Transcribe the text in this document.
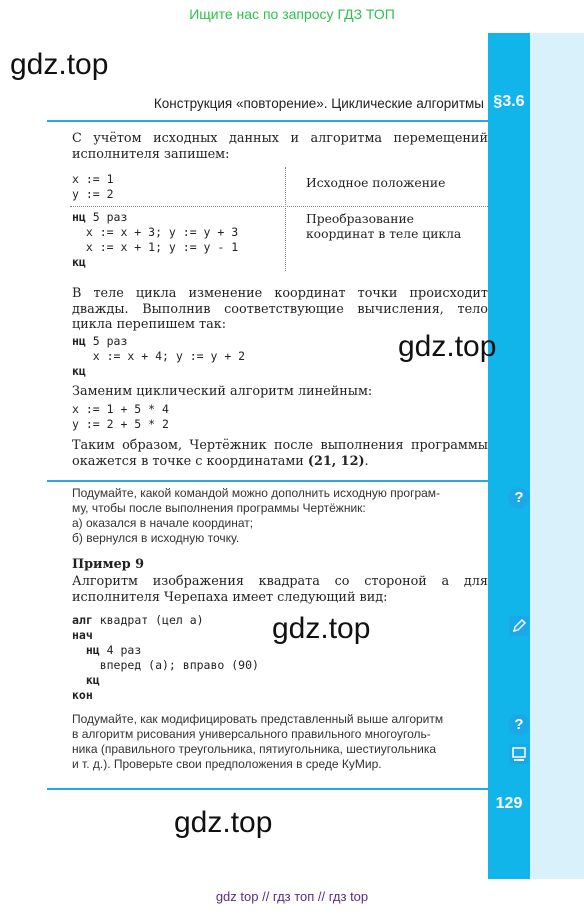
Ищите нас по запросу ГДЗ ТОП
§3.6
129
gdz.top
Конструкция «повторение». Циклические алгоритмы
С учётом исходных данных и алгоритма перемещений исполнителя запишем:
x := 1
y := 2
Исходное положение
нц 5 раз
x := x + 3; y := y + 3
x := x + 1; y := y - 1
кц
Преобразование координат в теле цикла
В теле цикла изменение координат точки происходит дважды. Выполнив соответствующие вычисления, тело цикла перепишем так:
нц 5 раз
x := x + 4; y := y + 2
кц
gdz.top
Заменим циклический алгоритм линейным:
x := 1 + 5 * 4
y := 2 + 5 * 2
Таким образом, Чертёжник после выполнения программы окажется в точке с координатами (21, 12).
Подумайте, какой командой можно дополнить исходную програм-
му, чтобы после выполнения программы Чертёжник:
а) оказался в начале координат;
б) вернулся в исходную точку.
?
Пример 9
Алгоритм изображения квадрата со стороной a для исполнителя Черепаха имеет следующий вид:
алг квадрат (цел а)
нач
нц 4 раз
вперед (а); вправо (90)
кц
кон
gdz.top
Подумайте, как модифицировать представленный выше алгоритм
в алгоритм рисования универсального правильного многоуголь-
ника (правильного треугольника, пятиугольника, шестиугольника
и т. д.). Проверьте свои предположения в среде КуМир.
?
gdz.top
gdz top // гдз топ // гдз top
